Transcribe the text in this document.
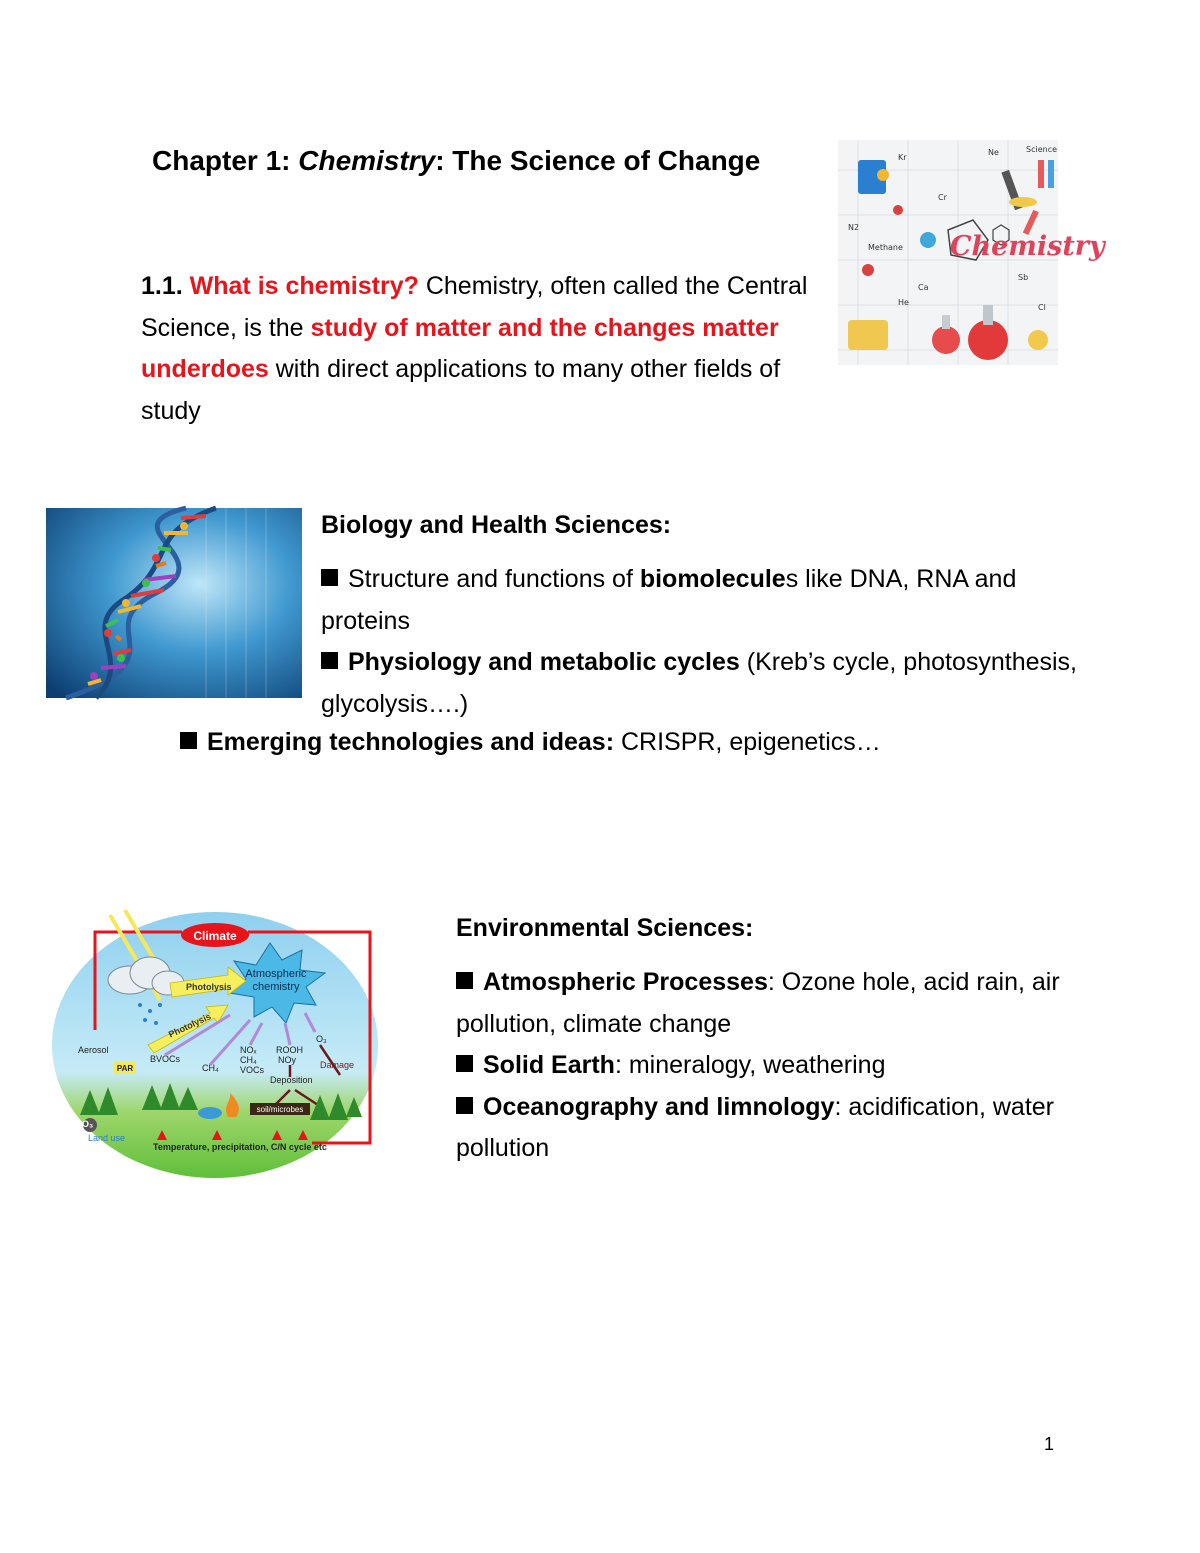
Chapter 1: Chemistry: The Science of Change
1.1. What is chemistry? Chemistry, often called the Central Science, is the study of matter and the changes matter underdoes with direct applications to many other fields of study
Chemistry
Kr
Ne
N2
Methane
Ca
Sb
He
Cl
Cr
Science
Biology and Health Sciences:
Structure and functions of biomolecules like DNA, RNA and proteins
Physiology and metabolic cycles (Kreb’s cycle, photosynthesis, glycolysis….)
Emerging technologies and ideas: CRISPR, epigenetics…
Climate
Atmospheric
chemistry
Photolysis
Photolysis
Aerosol
BVOCs
CH₄
NOₓ
CH₄
VOCs
ROOH
NOy
O₃
Damage
Deposition
PAR
soil/microbes
O₃
Land use
Temperature, precipitation, C/N cycle etc
Environmental Sciences:
Atmospheric Processes: Ozone hole, acid rain, air pollution, climate change
Solid Earth: mineralogy, weathering
Oceanography and limnology: acidification, water pollution
1
